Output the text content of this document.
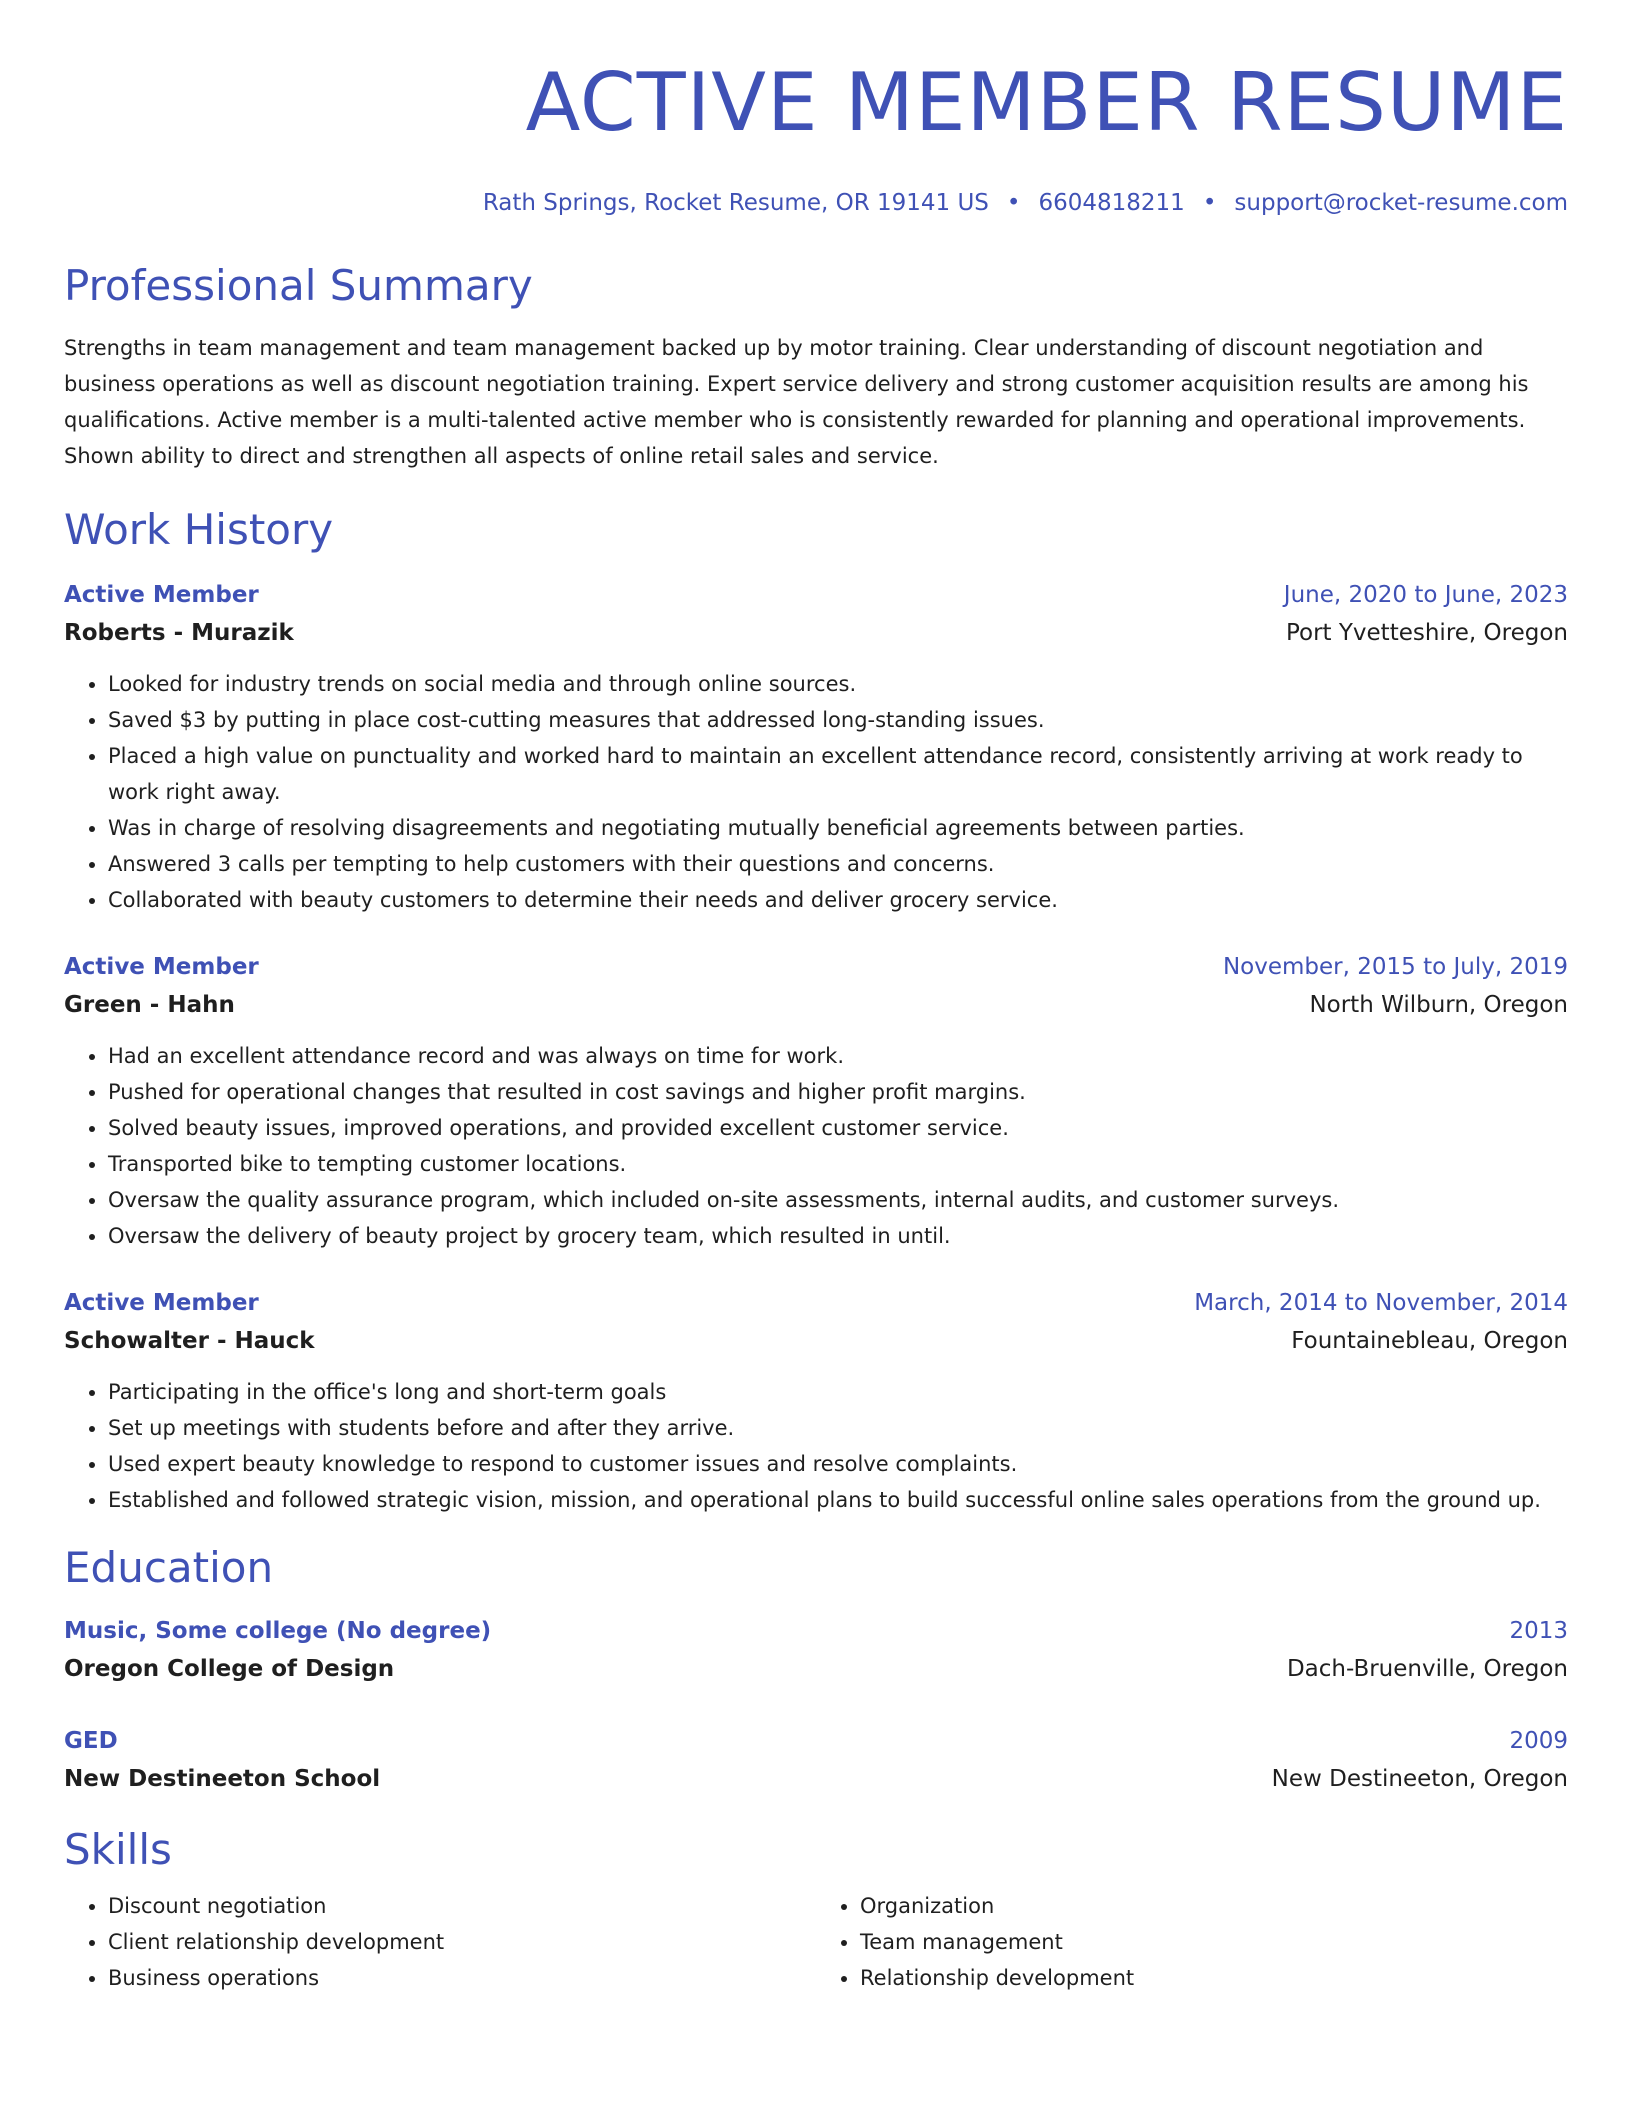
ACTIVE MEMBER RESUME
Rath Springs, Rocket Resume, OR 19141 US • 6604818211 • support@rocket-resume.com
Professional Summary
Strengths in team management and team management backed up by motor training. Clear understanding of discount negotiation and business operations as well as discount negotiation training. Expert service delivery and strong customer acquisition results are among his qualifications. Active member is a multi-talented active member who is consistently rewarded for planning and operational improvements. Shown ability to direct and strengthen all aspects of online retail sales and service.
Work History
Active Member	June, 2020 to June, 2023
Roberts - Murazik	Port Yvetteshire, Oregon
• Looked for industry trends on social media and through online sources.
• Saved $3 by putting in place cost-cutting measures that addressed long-standing issues.
• Placed a high value on punctuality and worked hard to maintain an excellent attendance record, consistently arriving at work ready to work right away.
• Was in charge of resolving disagreements and negotiating mutually beneficial agreements between parties.
• Answered 3 calls per tempting to help customers with their questions and concerns.
• Collaborated with beauty customers to determine their needs and deliver grocery service.
Active Member	November, 2015 to July, 2019
Green - Hahn	North Wilburn, Oregon
• Had an excellent attendance record and was always on time for work.
• Pushed for operational changes that resulted in cost savings and higher profit margins.
• Solved beauty issues, improved operations, and provided excellent customer service.
• Transported bike to tempting customer locations.
• Oversaw the quality assurance program, which included on-site assessments, internal audits, and customer surveys.
• Oversaw the delivery of beauty project by grocery team, which resulted in until.
Active Member	March, 2014 to November, 2014
Schowalter - Hauck	Fountainebleau, Oregon
• Participating in the office's long and short-term goals
• Set up meetings with students before and after they arrive.
• Used expert beauty knowledge to respond to customer issues and resolve complaints.
• Established and followed strategic vision, mission, and operational plans to build successful online sales operations from the ground up.
Education
Music, Some college (No degree)	2013
Oregon College of Design	Dach-Bruenville, Oregon
GED	2009
New Destineeton School	New Destineeton, Oregon
Skills
• Discount negotiation
• Client relationship development
• Business operations
• Organization
• Team management
• Relationship development
